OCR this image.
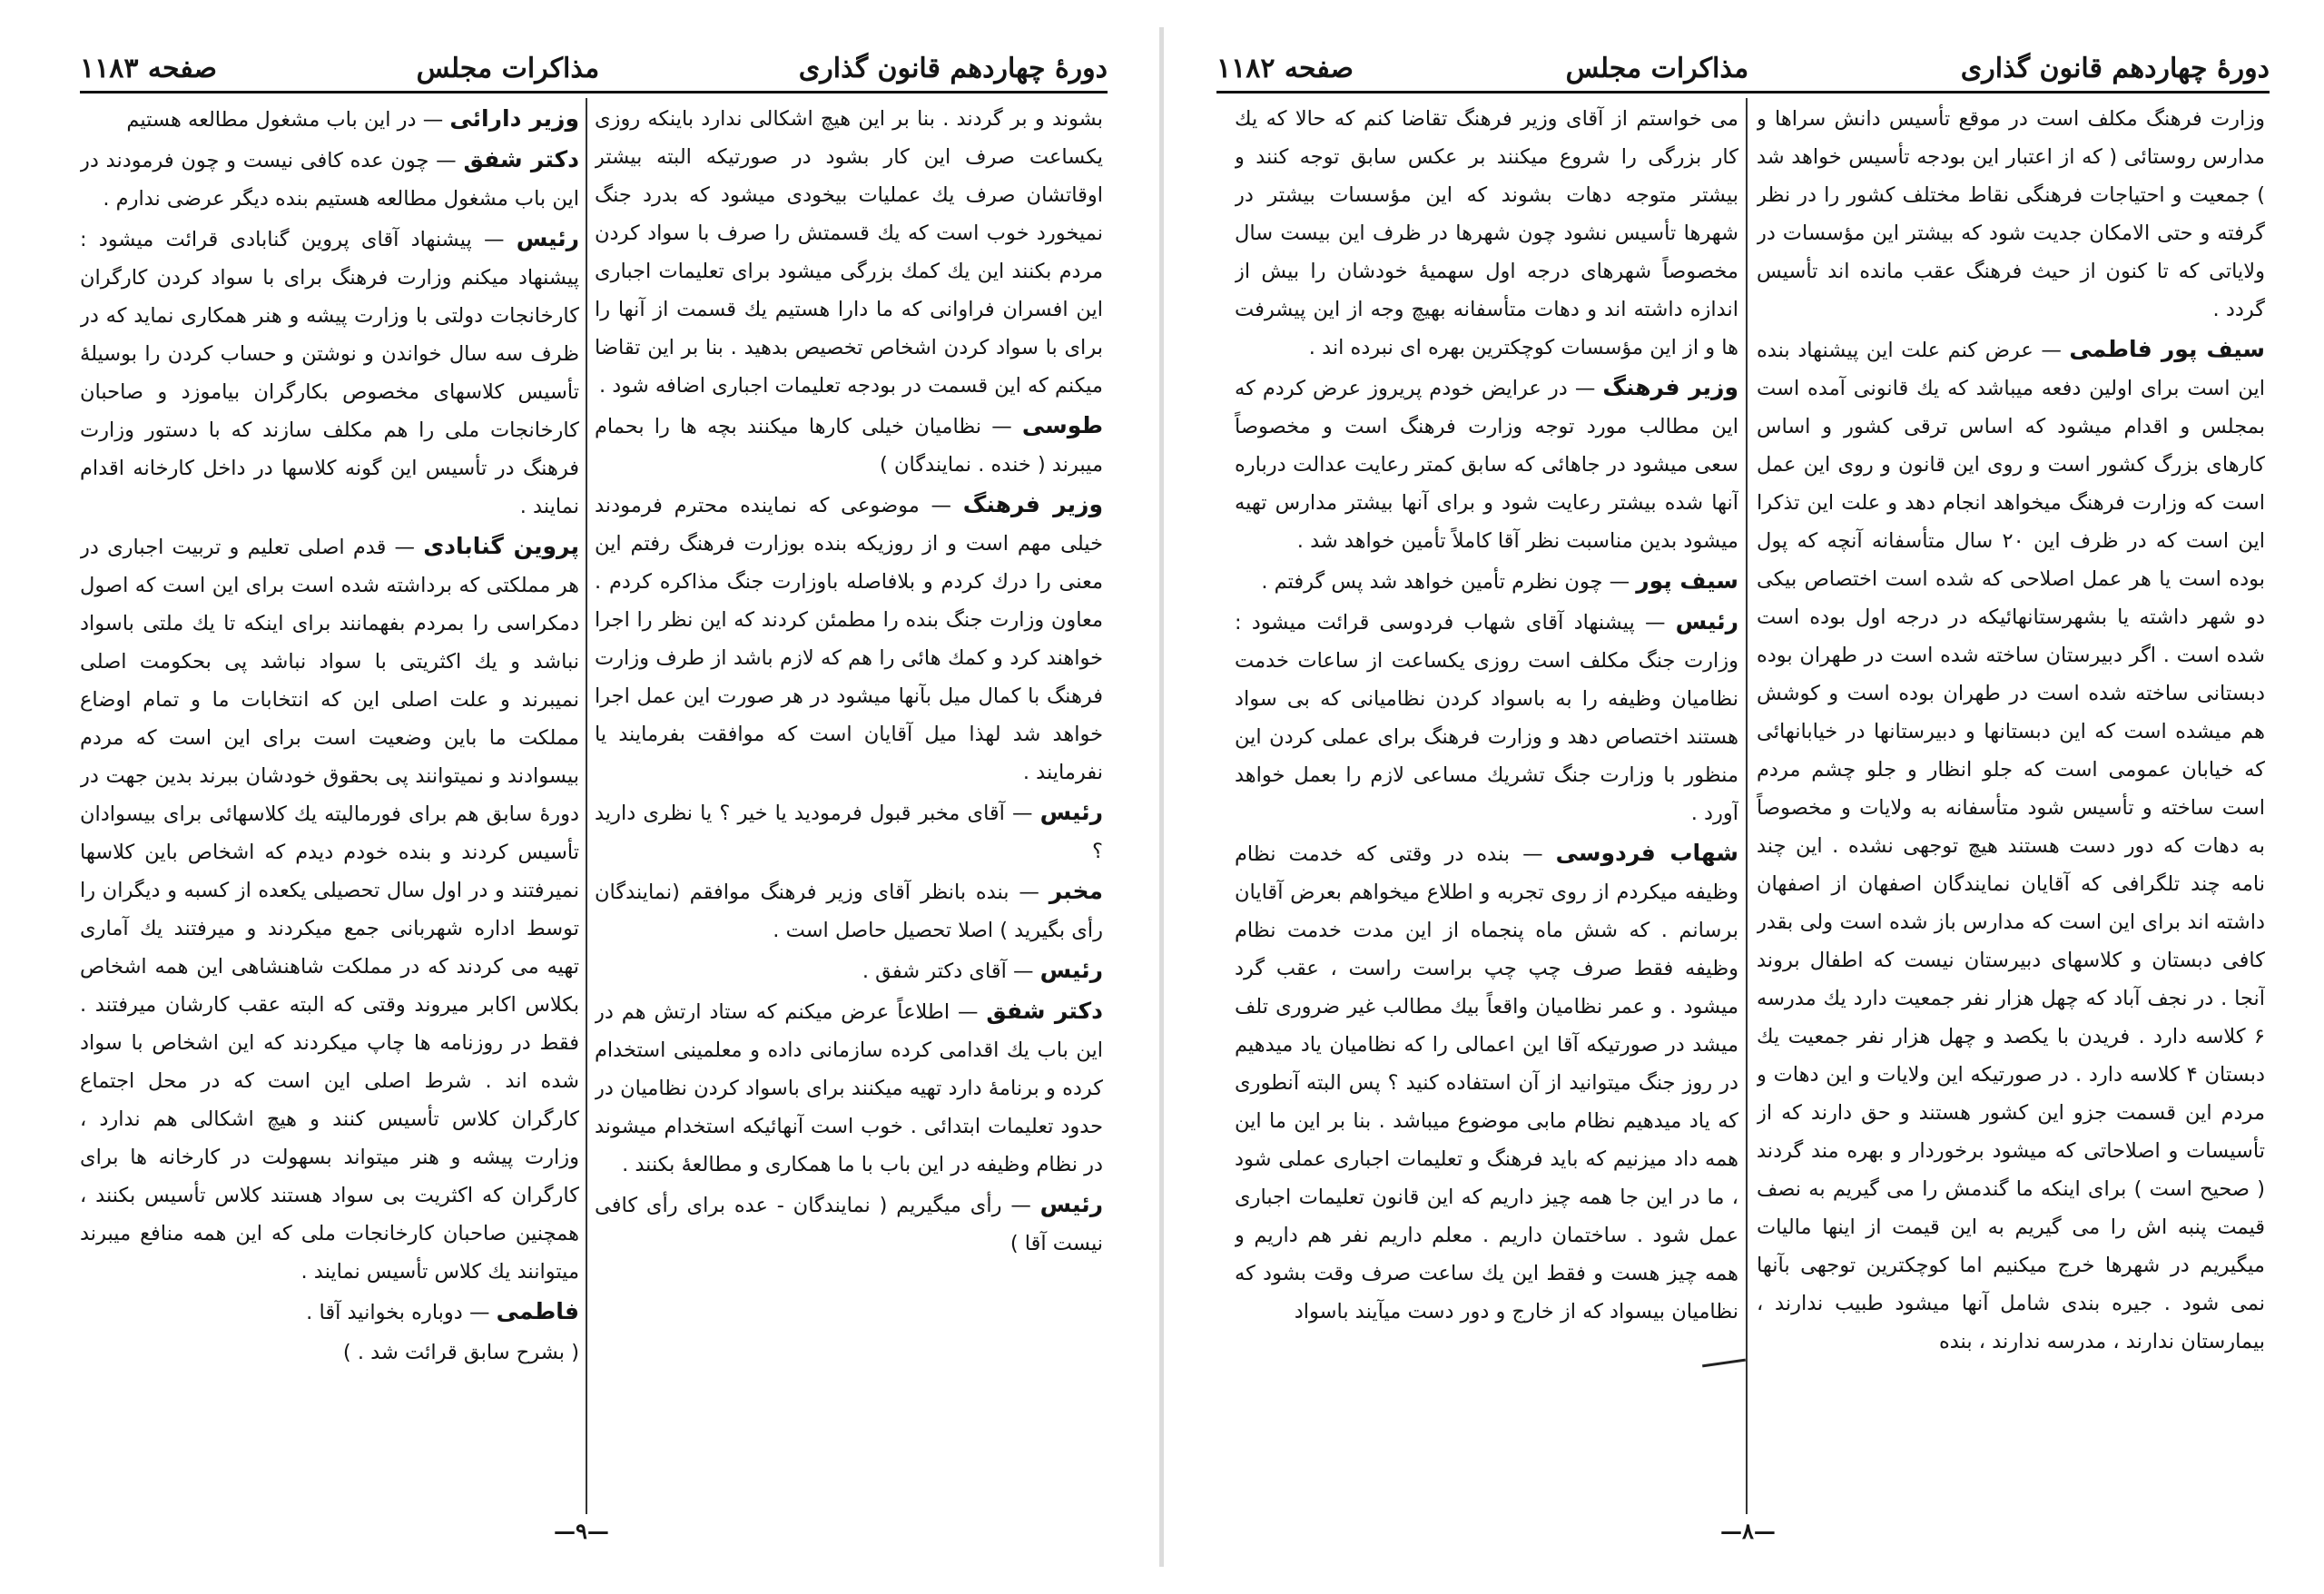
دورهٔ چهاردهم قانون گذاری
مذاکرات مجلس
صفحه ۱۱۸۳
بشوند و بر گردند . بنا بر این هیچ اشکالی ندارد باینکه روزی یکساعت صرف این کار بشود در صورتیکه البته بیشتر اوقاتشان صرف یك عملیات بیخودی میشود که بدرد جنگ نمیخورد خوب است که یك قسمتش را صرف با سواد کردن مردم بکنند این یك کمك بزرگی میشود برای تعلیمات اجباری این افسران فراوانی که ما دارا هستیم یك قسمت از آنها را برای با سواد کردن اشخاص تخصیص بدهید . بنا بر این تقاضا میکنم که این قسمت در بودجه تعلیمات اجباری اضافه شود .
طوسی — نظامیان خیلی کارها میکنند بچه ها را بحمام میبرند ( خنده . نمایندگان )
وزیر فرهنگ — موضوعی که نماینده محترم فرمودند خیلی مهم است و از روزیکه بنده بوزارت فرهنگ رفتم این معنی را درك کردم و بلافاصله باوزارت جنگ مذاکره کردم . معاون وزارت جنگ بنده را مطمئن کردند که این نظر را اجرا خواهند کرد و کمك هائی را هم که لازم باشد از طرف وزارت فرهنگ با کمال میل بآنها میشود در هر صورت این عمل اجرا خواهد شد لهذا میل آقایان است که موافقت بفرمایند یا نفرمایند .
رئیس — آقای مخبر قبول فرمودید یا خیر ؟ یا نظری دارید ؟
مخبر — بنده بانظر آقای وزیر فرهنگ موافقم (نمایندگان رأی بگیرید ) اصلا تحصیل حاصل است .
رئیس — آقای دکتر شفق .
دکتر شفق — اطلاعاً عرض میکنم که ستاد ارتش هم در این باب یك اقدامی کرده سازمانی داده و معلمینی استخدام کرده و برنامهٔ دارد تهیه میکنند برای باسواد کردن نظامیان در حدود تعلیمات ابتدائی . خوب است آنهائیکه استخدام میشوند در نظام وظیفه در این باب با ما همکاری و مطالعهٔ بکنند .
رئیس — رأی میگیریم ( نمایندگان - عده برای رأی کافی نیست آقا )
وزیر دارائی — در این باب مشغول مطالعه هستیم
دکتر شفق — چون عده کافی نیست و چون فرمودند در این باب مشغول مطالعه هستیم بنده دیگر عرضی ندارم .
رئیس — پیشنهاد آقای پروین گنابادی قرائت میشود : پیشنهاد میکنم وزارت فرهنگ برای با سواد کردن کارگران کارخانجات دولتی با وزارت پیشه و هنر همکاری نماید که در ظرف سه سال خواندن و نوشتن و حساب کردن را بوسیلهٔ تأسیس کلاسهای مخصوص بکارگران بیاموزد و صاحبان کارخانجات ملی را هم مکلف سازند که با دستور وزارت فرهنگ در تأسیس این گونه کلاسها در داخل کارخانه اقدام نمایند .
پروین گنابادی — قدم اصلی تعلیم و تربیت اجباری در هر مملکتی که برداشته شده است برای این است که اصول دمکراسی را بمردم بفهمانند برای اینکه تا یك ملتی باسواد نباشد و یك اکثریتی با سواد نباشد پی بحکومت اصلی نمیبرند و علت اصلی این که انتخابات ما و تمام اوضاع مملکت ما باین وضعیت است برای این است که مردم بیسوادند و نمیتوانند پی بحقوق خودشان ببرند بدین جهت در دورهٔ سابق هم برای فورمالیته یك کلاسهائی برای بیسوادان تأسیس کردند و بنده خودم دیدم که اشخاص باین کلاسها نمیرفتند و در اول سال تحصیلی یکعده از کسبه و دیگران را توسط اداره شهربانی جمع میکردند و میرفتند یك آماری تهیه می کردند که در مملکت شاهنشاهی این همه اشخاص بکلاس اکابر میروند وقتی که البته عقب کارشان میرفتند . فقط در روزنامه ها چاپ میکردند که این اشخاص با سواد شده اند . شرط اصلی این است که در محل اجتماع کارگران کلاس تأسیس کنند و هیچ اشکالی هم ندارد ، وزارت پیشه و هنر میتواند بسهولت در کارخانه ها برای کارگران که اکثریت بی سواد هستند کلاس تأسیس بکنند ، همچنین صاحبان کارخانجات ملی که این همه منافع میبرند میتوانند یك کلاس تأسیس نمایند .
فاطمی — دوباره بخوانید آقا .
( بشرح سابق قرائت شد . )
—۹—
دورهٔ چهاردهم قانون گذاری
مذاکرات مجلس
صفحه ۱۱۸۲
وزارت فرهنگ مکلف است در موقع تأسیس دانش سراها و مدارس روستائی ( که از اعتبار این بودجه تأسیس خواهد شد ) جمعیت و احتیاجات فرهنگی نقاط مختلف کشور را در نظر گرفته و حتی الامکان جدیت شود که بیشتر این مؤسسات در ولایاتی که تا کنون از حیث فرهنگ عقب مانده اند تأسیس گردد .
سیف پور فاطمی — عرض کنم علت این پیشنهاد بنده این است برای اولین دفعه میباشد که یك قانونی آمده است بمجلس و اقدام میشود که اساس ترقی کشور و اساس کارهای بزرگ کشور است و روی این قانون و روی این عمل است که وزارت فرهنگ میخواهد انجام دهد و علت این تذکرا این است که در ظرف این ۲۰ سال متأسفانه آنچه که پول بوده است یا هر عمل اصلاحی که شده است اختصاص بیکی دو شهر داشته یا بشهرستانهائیکه در درجه اول بوده است شده است . اگر دبیرستان ساخته شده است در طهران بوده دبستانی ساخته شده است در طهران بوده است و کوشش هم میشده است که این دبستانها و دبیرستانها در خیابانهائی که خیابان عمومی است که جلو انظار و جلو چشم مردم است ساخته و تأسیس شود متأسفانه به ولایات و مخصوصاً به دهات که دور دست هستند هیچ توجهی نشده . این چند نامه چند تلگرافی که آقایان نمایندگان اصفهان از اصفهان داشته اند برای این است که مدارس باز شده است ولی بقدر کافی دبستان و کلاسهای دبیرستان نیست که اطفال بروند آنجا . در نجف آباد که چهل هزار نفر جمعیت دارد یك مدرسه ۶ کلاسه دارد . فریدن با یکصد و چهل هزار نفر جمعیت یك دبستان ۴ کلاسه دارد . در صورتیکه این ولایات و این دهات و مردم این قسمت جزو این کشور هستند و حق دارند که از تأسیسات و اصلاحاتی که میشود برخوردار و بهره مند گردند ( صحیح است ) برای اینکه ما گندمش را می گیریم به نصف قیمت پنبه اش را می گیریم به این قیمت از اینها مالیات میگیریم در شهرها خرج میکنیم اما کوچکترین توجهی بآنها نمی شود . جیره بندی شامل آنها میشود طبیب ندارند ، بیمارستان ندارند ، مدرسه ندارند ، بنده
می خواستم از آقای وزیر فرهنگ تقاضا کنم که حالا که یك کار بزرگی را شروع میکنند بر عکس سابق توجه کنند و بیشتر متوجه دهات بشوند که این مؤسسات بیشتر در شهرها تأسیس نشود چون شهرها در ظرف این بیست سال مخصوصاً شهرهای درجه اول سهمیهٔ خودشان را بیش از اندازه داشته اند و دهات متأسفانه بهیچ وجه از این پیشرفت ها و از این مؤسسات کوچکترین بهره ای نبرده اند .
وزیر فرهنگ — در عرایض خودم پریروز عرض کردم که این مطالب مورد توجه وزارت فرهنگ است و مخصوصاً سعی میشود در جاهائی که سابق کمتر رعایت عدالت درباره آنها شده بیشتر رعایت شود و برای آنها بیشتر مدارس تهیه میشود بدین مناسبت نظر آقا کاملاً تأمین خواهد شد .
سیف پور — چون نظرم تأمین خواهد شد پس گرفتم .
رئیس — پیشنهاد آقای شهاب فردوسی قرائت میشود : وزارت جنگ مکلف است روزی یکساعت از ساعات خدمت نظامیان وظیفه را به باسواد کردن نظامیانی که بی سواد هستند اختصاص دهد و وزارت فرهنگ برای عملی کردن این منظور با وزارت جنگ تشریك مساعی لازم را بعمل خواهد آورد .
شهاب فردوسی — بنده در وقتی که خدمت نظام وظیفه میکردم از روی تجربه و اطلاع میخواهم بعرض آقایان برسانم . که شش ماه پنجماه از این مدت خدمت نظام وظیفه فقط صرف چپ چپ براست راست ، عقب گرد میشود . و عمر نظامیان واقعاً بیك مطالب غیر ضروری تلف میشد در صورتیکه آقا این اعمالی را که نظامیان یاد میدهیم در روز جنگ میتوانید از آن استفاده کنید ؟ پس البته آنطوری که یاد میدهیم نظام مابی موضوع میباشد . بنا بر این ما این همه داد میزنیم که باید فرهنگ و تعلیمات اجباری عملی شود ، ما در این جا همه چیز داریم که این قانون تعلیمات اجباری عمل شود . ساختمان داریم . معلم داریم نفر هم داریم و همه چیز هست و فقط این یك ساعت صرف وقت بشود که نظامیان بیسواد که از خارج و دور دست میآیند باسواد
—۸—
